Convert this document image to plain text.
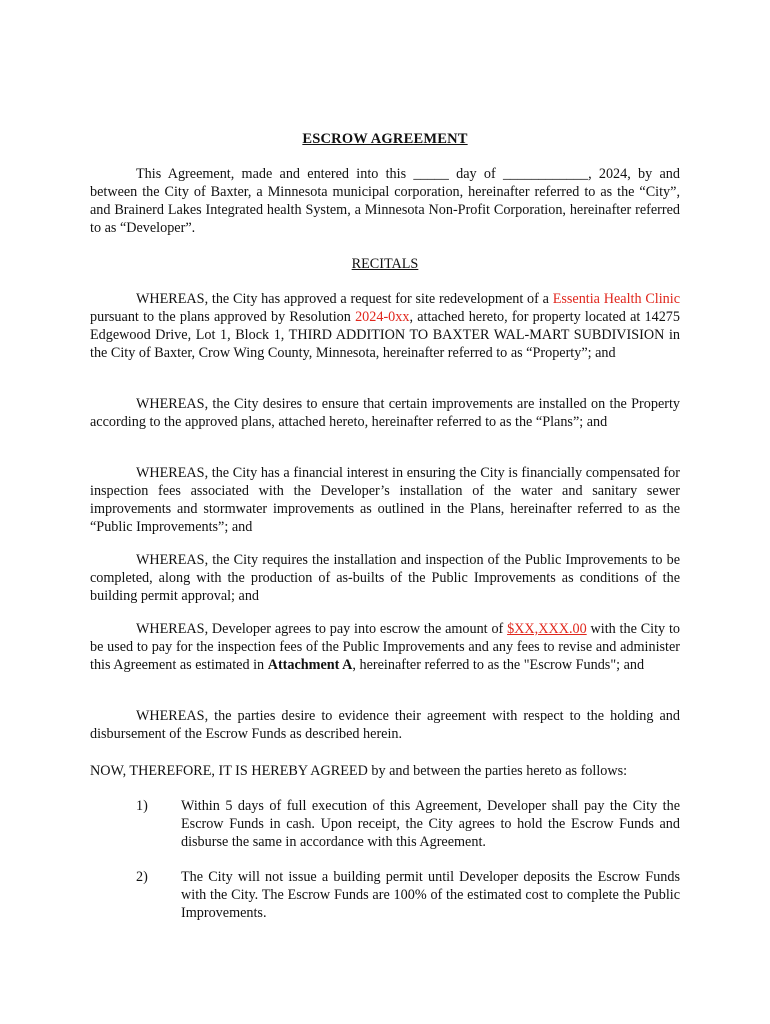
ESCROW AGREEMENT
This Agreement, made and entered into this _____ day of ____________, 2024, by and between the City of Baxter, a Minnesota municipal corporation, hereinafter referred to as the “City”, and Brainerd Lakes Integrated health System, a Minnesota Non-Profit Corporation, hereinafter referred to as “Developer”.
RECITALS
WHEREAS, the City has approved a request for site redevelopment of a Essentia Health Clinic pursuant to the plans approved by Resolution 2024-0xx, attached hereto, for property located at 14275 Edgewood Drive, Lot 1, Block 1, THIRD ADDITION TO BAXTER WAL-MART SUBDIVISION in the City of Baxter, Crow Wing County, Minnesota, hereinafter referred to as “Property”; and
WHEREAS, the City desires to ensure that certain improvements are installed on the Property according to the approved plans, attached hereto, hereinafter referred to as the “Plans”; and
WHEREAS, the City has a financial interest in ensuring the City is financially compensated for inspection fees associated with the Developer’s installation of the water and sanitary sewer improvements and stormwater improvements as outlined in the Plans, hereinafter referred to as the “Public Improvements”; and
WHEREAS, the City requires the installation and inspection of the Public Improvements to be completed, along with the production of as-builts of the Public Improvements as conditions of the building permit approval; and
WHEREAS, Developer agrees to pay into escrow the amount of $XX,XXX.00 with the City to be used to pay for the inspection fees of the Public Improvements and any fees to revise and administer this Agreement as estimated in Attachment A, hereinafter referred to as the "Escrow Funds"; and
WHEREAS, the parties desire to evidence their agreement with respect to the holding and disbursement of the Escrow Funds as described herein.
NOW, THEREFORE, IT IS HEREBY AGREED by and between the parties hereto as follows:
1) Within 5 days of full execution of this Agreement, Developer shall pay the City the Escrow Funds in cash. Upon receipt, the City agrees to hold the Escrow Funds and disburse the same in accordance with this Agreement.
2) The City will not issue a building permit until Developer deposits the Escrow Funds with the City. The Escrow Funds are 100% of the estimated cost to complete the Public Improvements.
